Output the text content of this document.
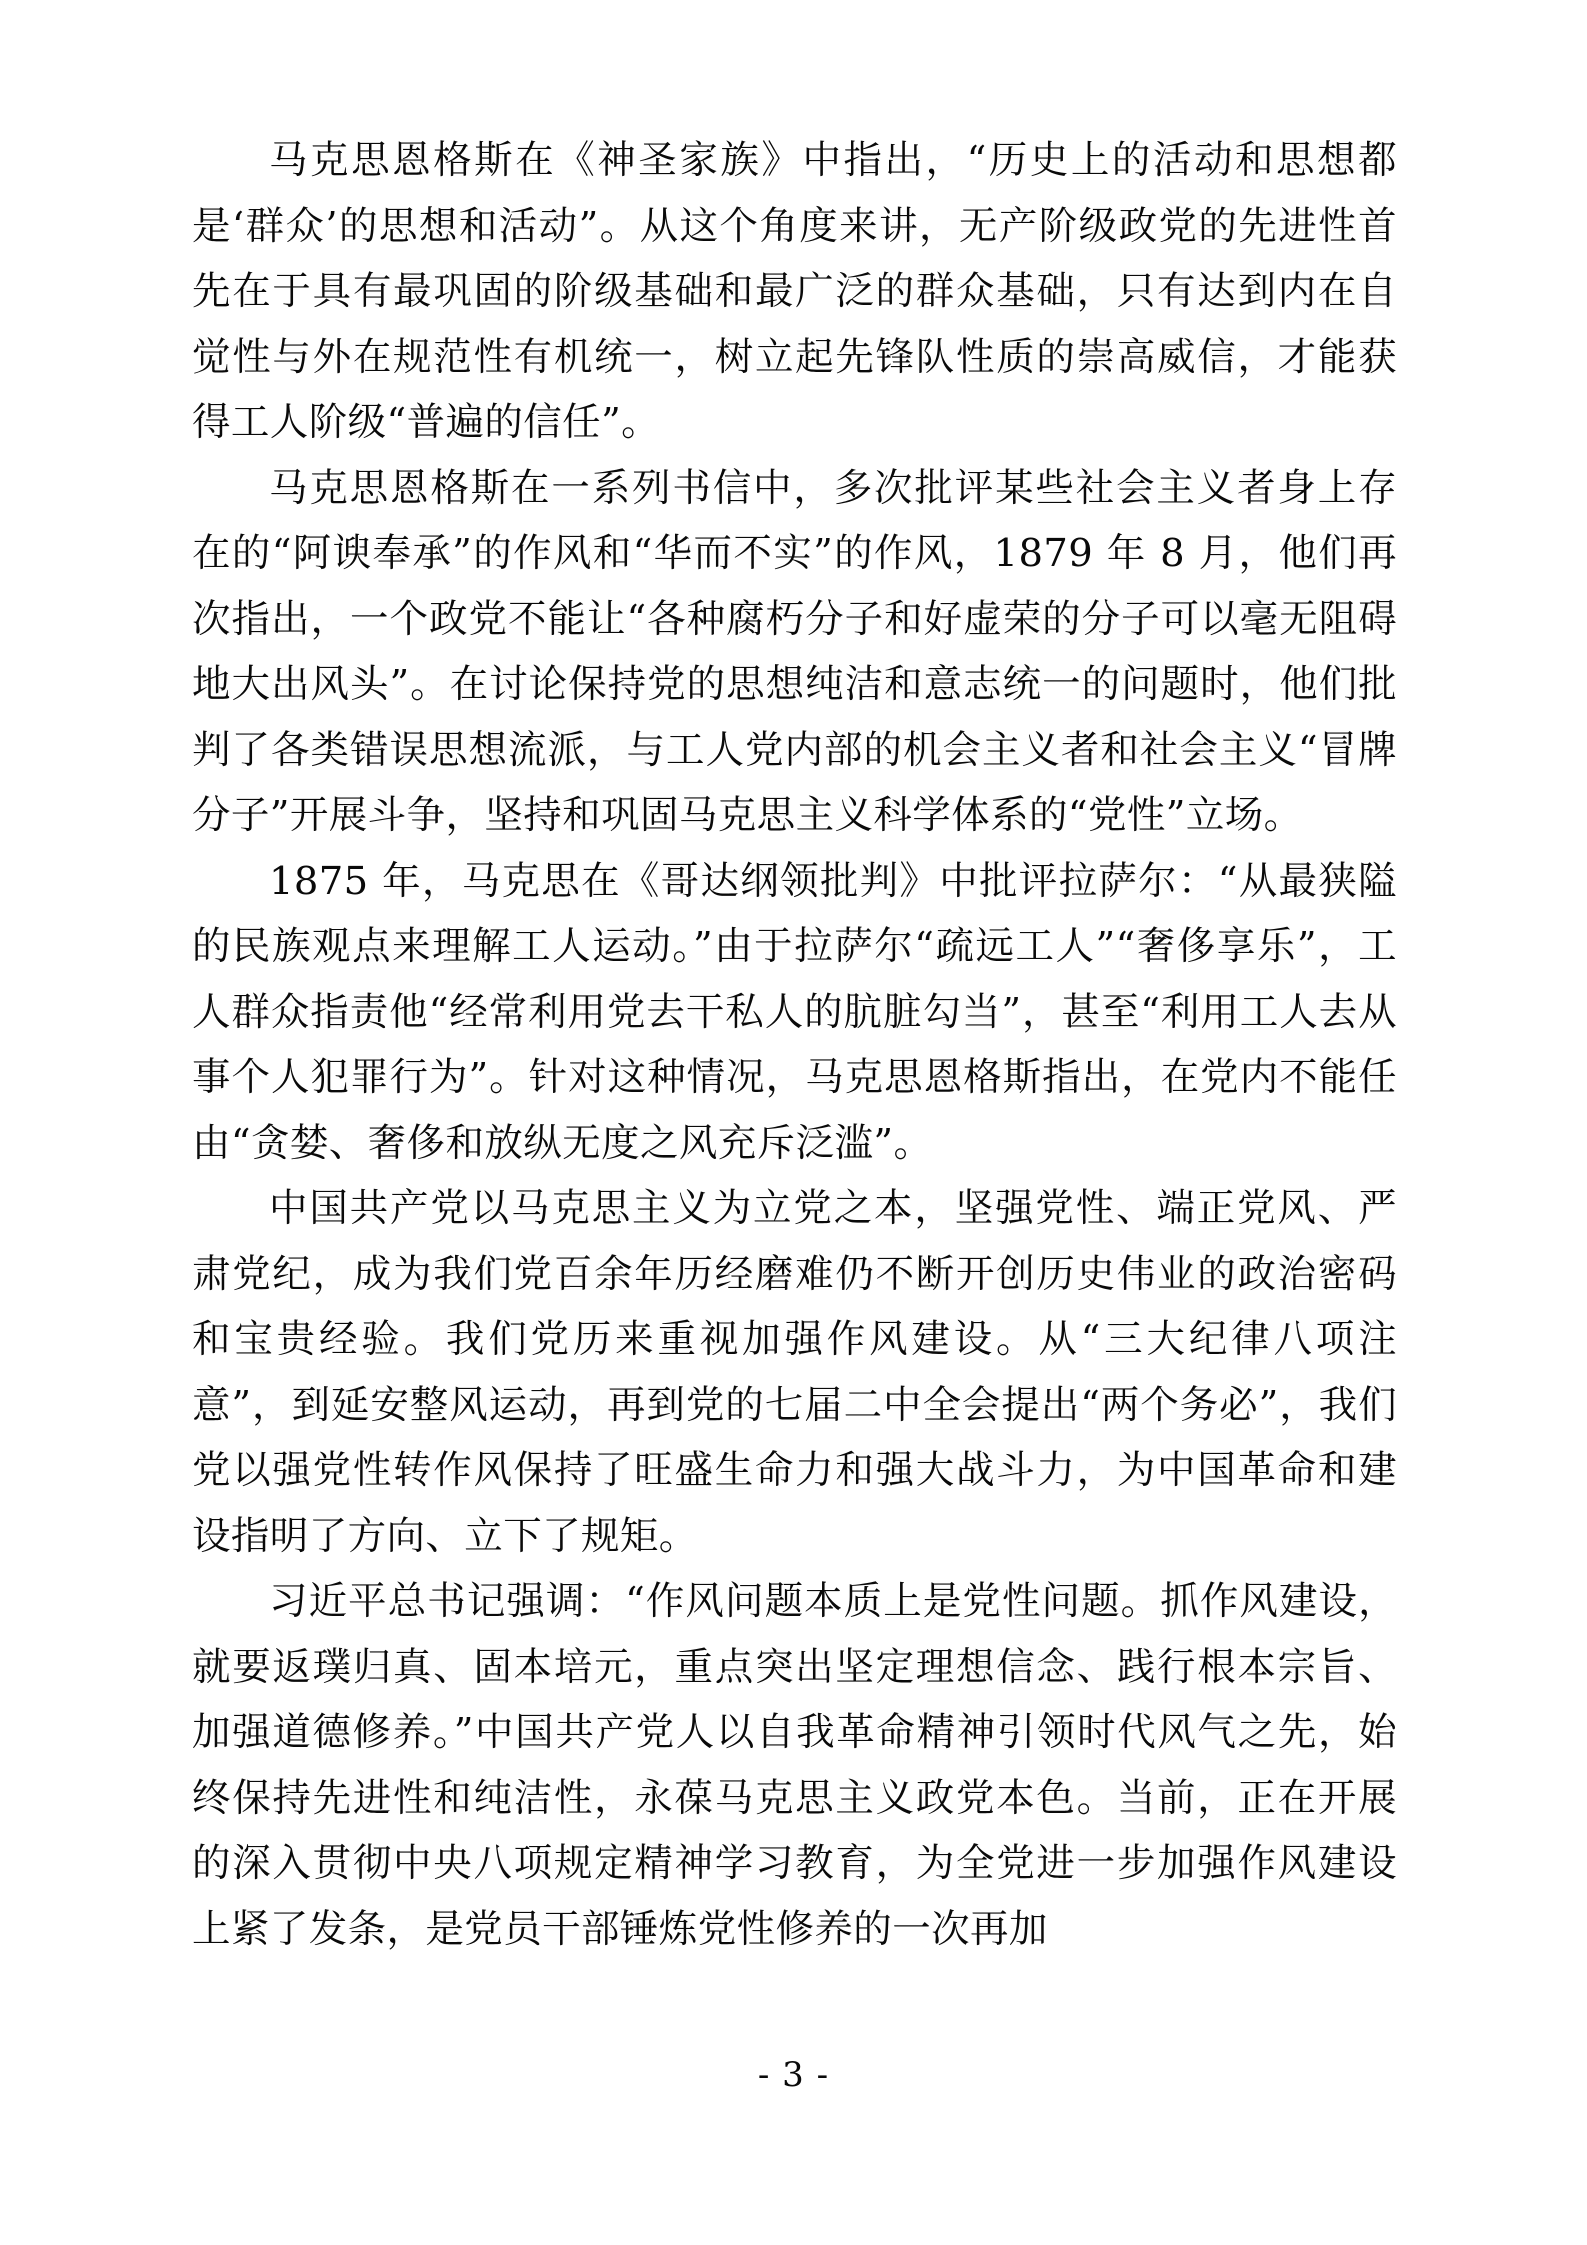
马克思恩格斯在《神圣家族》中指出，“历史上的活动和思想都是‘群众’的思想和活动”。从这个角度来讲，无产阶级政党的先进性首先在于具有最巩固的阶级基础和最广泛的群众基础，只有达到内在自觉性与外在规范性有机统一，树立起先锋队性质的崇高威信，才能获得工人阶级“普遍的信任”。

马克思恩格斯在一系列书信中，多次批评某些社会主义者身上存在的“阿谀奉承”的作风和“华而不实”的作风，1879 年 8 月，他们再次指出，一个政党不能让“各种腐朽分子和好虚荣的分子可以毫无阻碍地大出风头”。在讨论保持党的思想纯洁和意志统一的问题时，他们批判了各类错误思想流派，与工人党内部的机会主义者和社会主义“冒牌分子”开展斗争，坚持和巩固马克思主义科学体系的“党性”立场。

1875 年，马克思在《哥达纲领批判》中批评拉萨尔：“从最狭隘的民族观点来理解工人运动。”由于拉萨尔“疏远工人”“奢侈享乐”，工人群众指责他“经常利用党去干私人的肮脏勾当”，甚至“利用工人去从事个人犯罪行为”。针对这种情况，马克思恩格斯指出，在党内不能任由“贪婪、奢侈和放纵无度之风充斥泛滥”。

中国共产党以马克思主义为立党之本，坚强党性、端正党风、严肃党纪，成为我们党百余年历经磨难仍不断开创历史伟业的政治密码和宝贵经验。我们党历来重视加强作风建设。从“三大纪律八项注意”，到延安整风运动，再到党的七届二中全会提出“两个务必”，我们党以强党性转作风保持了旺盛生命力和强大战斗力，为中国革命和建设指明了方向、立下了规矩。

习近平总书记强调：“作风问题本质上是党性问题。抓作风建设，就要返璞归真、固本培元，重点突出坚定理想信念、践行根本宗旨、加强道德修养。”中国共产党人以自我革命精神引领时代风气之先，始终保持先进性和纯洁性，永葆马克思主义政党本色。当前，正在开展的深入贯彻中央八项规定精神学习教育，为全党进一步加强作风建设上紧了发条，是党员干部锤炼党性修养的一次再加

- 3 -
